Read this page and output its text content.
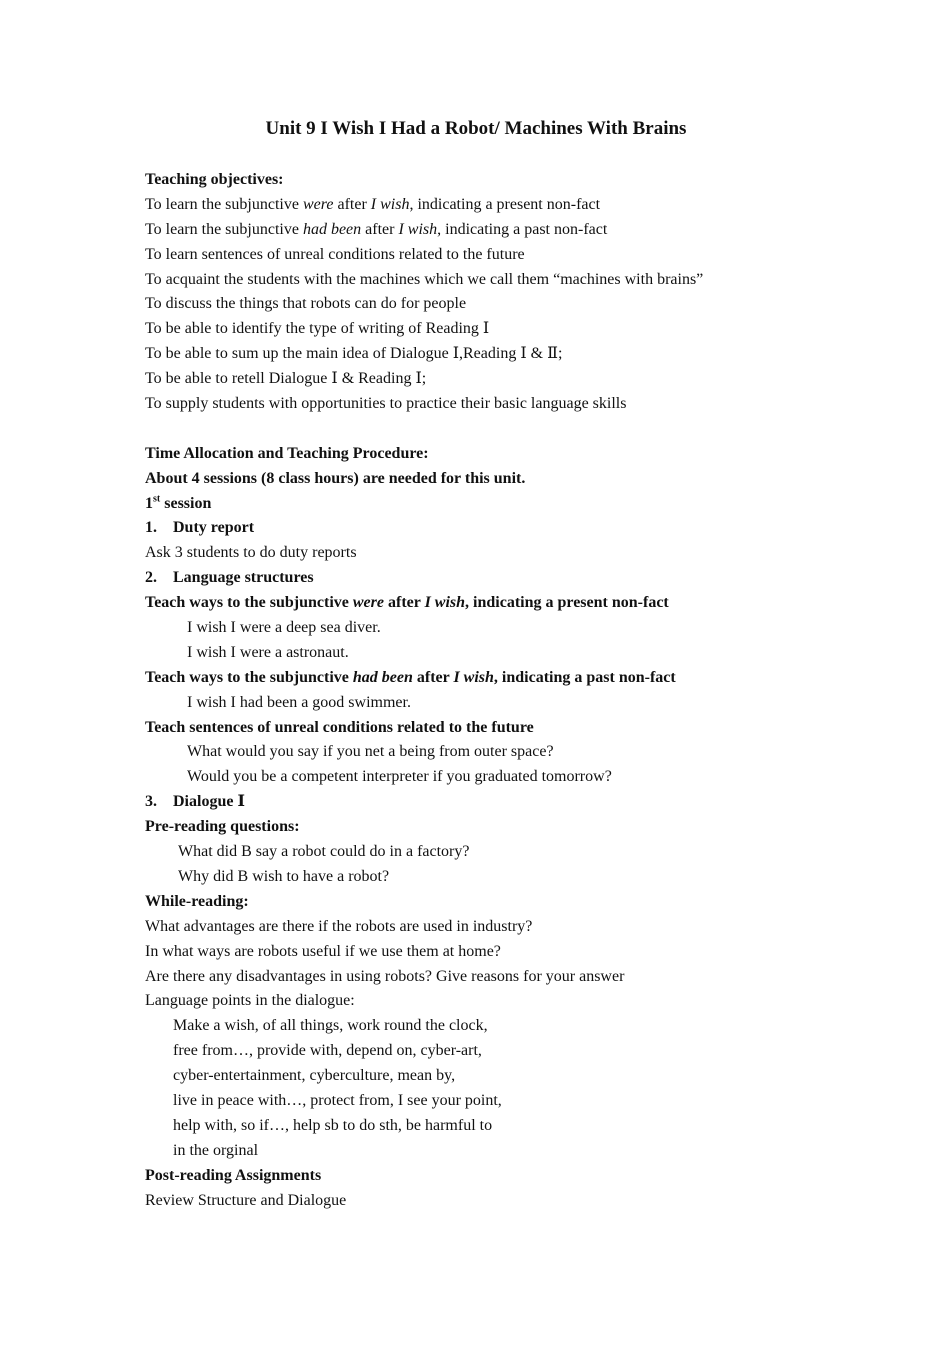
Unit 9 I Wish I Had a Robot/ Machines With Brains
Teaching objectives:
To learn the subjunctive were after I wish, indicating a present non-fact
To learn the subjunctive had been after I wish, indicating a past non-fact
To learn sentences of unreal conditions related to the future
To acquaint the students with the machines which we call them “machines with brains”
To discuss the things that robots can do for people
To be able to identify the type of writing of Reading Ⅰ
To be able to sum up the main idea of Dialogue Ⅰ,Reading Ⅰ & Ⅱ;
To be able to retell Dialogue Ⅰ & Reading Ⅰ;
To supply students with opportunities to practice their basic language skills
Time Allocation and Teaching Procedure:
About 4 sessions (8 class hours) are needed for this unit.
1st session
1. Duty report
Ask 3 students to do duty reports
2. Language structures
Teach ways to the subjunctive were after I wish, indicating a present non-fact
I wish I were a deep sea diver.
I wish I were a astronaut.
Teach ways to the subjunctive had been after I wish, indicating a past non-fact
I wish I had been a good swimmer.
Teach sentences of unreal conditions related to the future
What would you say if you net a being from outer space?
Would you be a competent interpreter if you graduated tomorrow?
3. Dialogue Ⅰ
Pre-reading questions:
What did B say a robot could do in a factory?
Why did B wish to have a robot?
While-reading:
What advantages are there if the robots are used in industry?
In what ways are robots useful if we use them at home?
Are there any disadvantages in using robots? Give reasons for your answer
Language points in the dialogue:
Make a wish, of all things, work round the clock,
free from…, provide with, depend on, cyber-art,
cyber-entertainment, cyberculture, mean by,
live in peace with…, protect from, I see your point,
help with, so if…, help sb to do sth, be harmful to
in the orginal
Post-reading Assignments
Review Structure and Dialogue
